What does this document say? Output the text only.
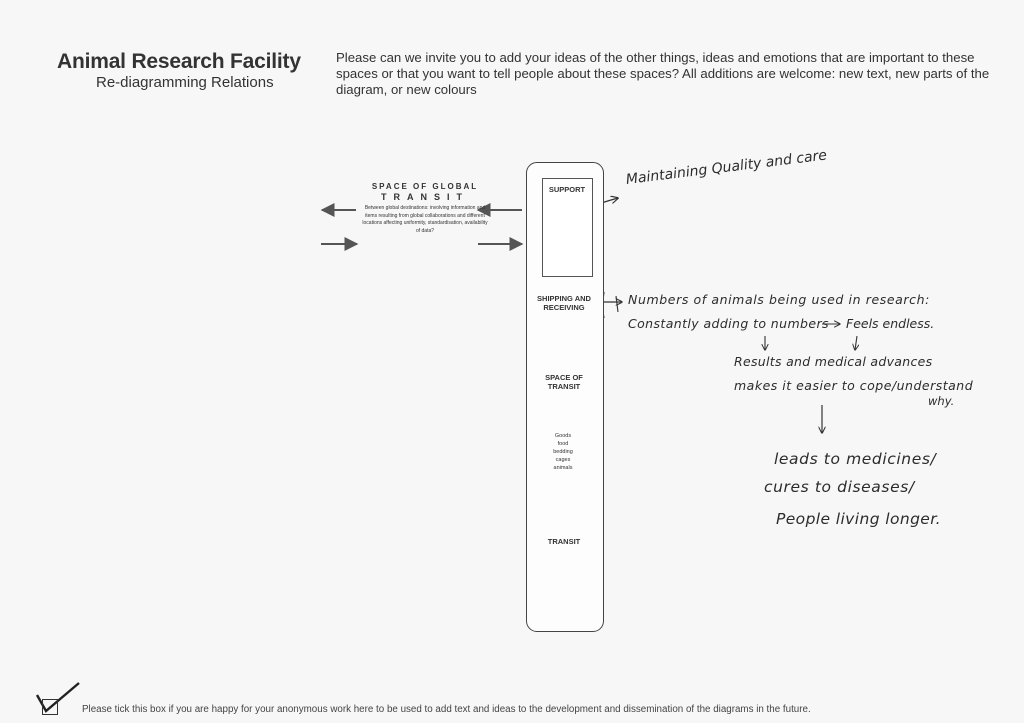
Animal Research Facility
Re-diagramming Relations
Please can we invite you to add your ideas of the other things, ideas and emotions that are important to these spaces or that you want to tell people about these spaces? All additions are welcome: new text, new parts of the diagram, or new colours
SPACE OF GLOBAL
TRANSIT
Between global destinations: involving information and items resulting from global collaborations and different locations affecting uniformity, standardisation, availability of data?
SUPPORT
SHIPPING AND RECEIVING
SPACE OF TRANSIT
Goods
food
bedding
cages
animals
TRANSIT
Maintaining Quality and care
Numbers of animals being used in research:
Constantly adding to numbers Feels endless.
Results and medical advances
makes it easier to cope/understand
why.
leads to medicines/
cures to diseases/
People living longer.
Please tick this box if you are happy for your anonymous work here to be used to add text and ideas to the development and dissemination of the diagrams in the future.
